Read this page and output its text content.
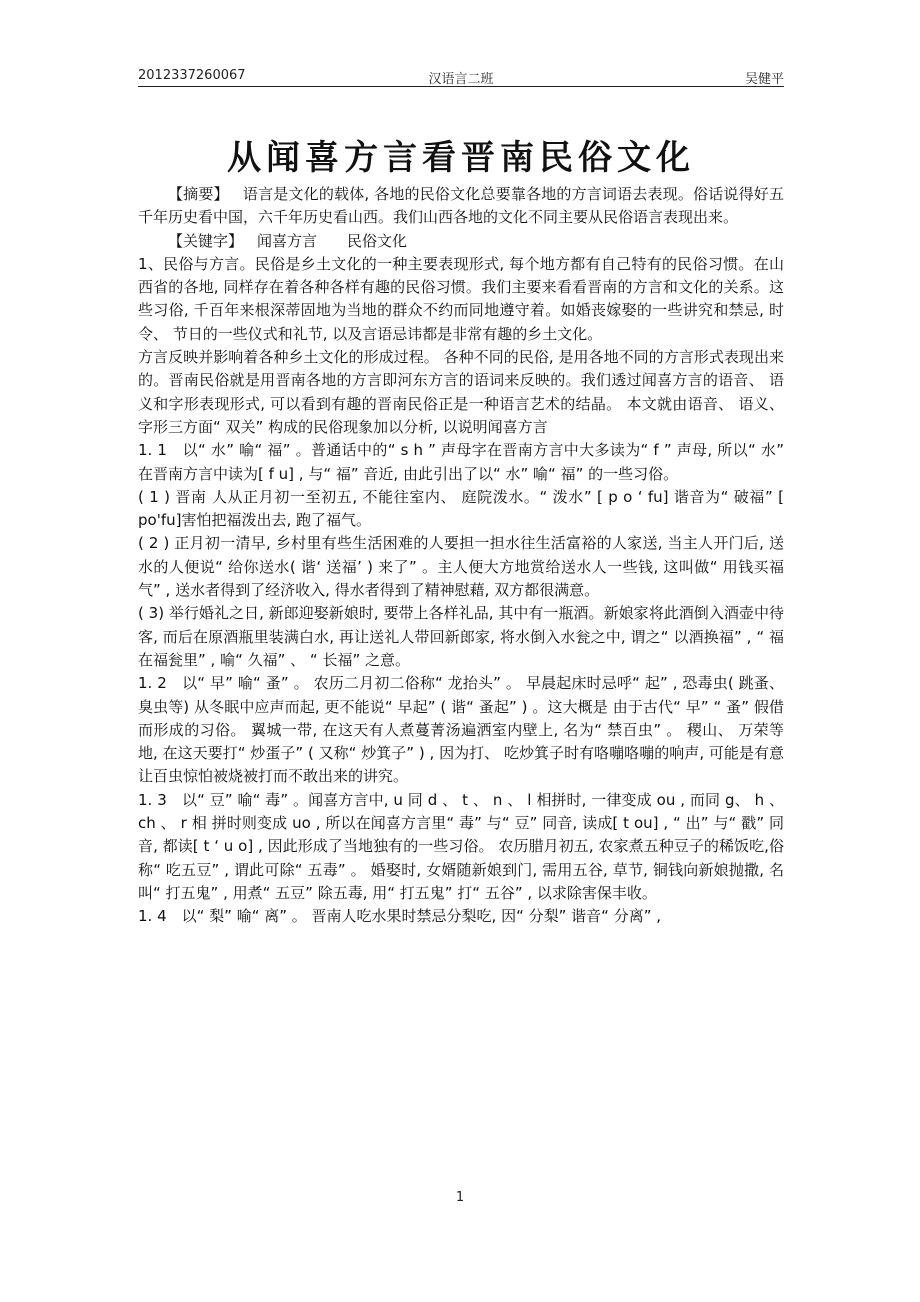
2012337260067	汉语言二班	吴健平
从闻喜方言看晋南民俗文化

【摘要】 语言是文化的载体, 各地的民俗文化总要靠各地的方言词语去表现。俗话说得好五千年历史看中国，六千年历史看山西。我们山西各地的文化不同主要从民俗语言表现出来。

【关键字】 闻喜方言 民俗文化

1、民俗与方言。民俗是乡土文化的一种主要表现形式, 每个地方都有自己特有的民俗习惯。在山西省的各地, 同样存在着各种各样有趣的民俗习惯。我们主要来看看晋南的方言和文化的关系。这些习俗, 千百年来根深蒂固地为当地的群众不约而同地遵守着。如婚丧嫁娶的一些讲究和禁忌, 时令、 节日的一些仪式和礼节, 以及言语忌讳都是非常有趣的乡土文化。

方言反映并影响着各种乡土文化的形成过程。 各种不同的民俗, 是用各地不同的方言形式表现出来的。晋南民俗就是用晋南各地的方言即河东方言的语词来反映的。我们透过闻喜方言的语音、 语义和字形表现形式, 可以看到有趣的晋南民俗正是一种语言艺术的结晶。 本文就由语音、 语义、 字形三方面“ 双关” 构成的民俗现象加以分析, 以说明闻喜方言

1. 1　以“ 水” 喻“ 福” 。普通话中的“ s h ” 声母字在晋南方言中大多读为“ f ” 声母, 所以“ 水” 在晋南方言中读为[ f u] , 与“ 福” 音近, 由此引出了以“ 水” 喻“ 福” 的一些习俗。

( 1 ) 晋南 人从正月初一至初五, 不能往室内、 庭院泼水。“ 泼水” [ p o ‘ fu] 谐音为“ 破福” [ po'fu]害怕把福泼出去, 跑了福气。

( 2 ) 正月初一清早, 乡村里有些生活困难的人要担一担水往生活富裕的人家送, 当主人开门后, 送水的人便说“ 给你送水( 谐‘ 送福’ ) 来了” 。主人便大方地赏给送水人一些钱, 这叫做“ 用钱买福气” , 送水者得到了经济收入, 得水者得到了精神慰藉, 双方都很满意。

( 3) 举行婚礼之日, 新郎迎娶新娘时, 要带上各样礼品, 其中有一瓶酒。新娘家将此酒倒入酒壶中待客, 而后在原酒瓶里装满白水, 再让送礼人带回新郎家, 将水倒入水瓮之中, 谓之“ 以酒换福” , “ 福在福瓮里” , 喻“ 久福” 、 “ 长福” 之意。

1. 2　以“ 早” 喻“ 蚤” 。 农历二月初二俗称“ 龙抬头” 。 早晨起床时忌呼“ 起” , 恐毒虫( 跳蚤、 臭虫等) 从冬眠中应声而起, 更不能说“ 早起” ( 谐“ 蚤起” ) 。这大概是 由于古代“ 早” “ 蚤” 假借而形成的习俗。 翼城一带, 在这天有人煮蔓菁汤遍洒室内壁上, 名为“ 禁百虫” 。 稷山、 万荣等地, 在这天要打“ 炒蛋子” ( 又称“ 炒箕子” ) , 因为打、 吃炒箕子时有咯嘣咯嘣的响声, 可能是有意让百虫惊怕被烧被打而不敢出来的讲究。

1. 3　以“ 豆” 喻“ 毒” 。闻喜方言中, u 同 d 、 t 、 n 、 l 相拼时, 一律变成 ou , 而同 g、 h 、 ch 、 r 相 拼时则变成 uo , 所以在闻喜方言里“ 毒” 与“ 豆” 同音, 读成[ t ou] , “ 出” 与“ 戳” 同音, 都读[ t ‘ u o] , 因此形成了当地独有的一些习俗。 农历腊月初五, 农家煮五种豆子的稀饭吃,俗称“ 吃五豆” , 谓此可除“ 五毒” 。 婚娶时, 女婿随新娘到门, 需用五谷, 草节, 铜钱向新娘抛撒, 名叫“ 打五鬼” , 用煮“ 五豆” 除五毒, 用“ 打五鬼” 打“ 五谷” , 以求除害保丰收。

1. 4　以“ 梨” 喻“ 离” 。 晋南人吃水果时禁忌分梨吃, 因“ 分梨” 谐音“ 分离” ,

1
